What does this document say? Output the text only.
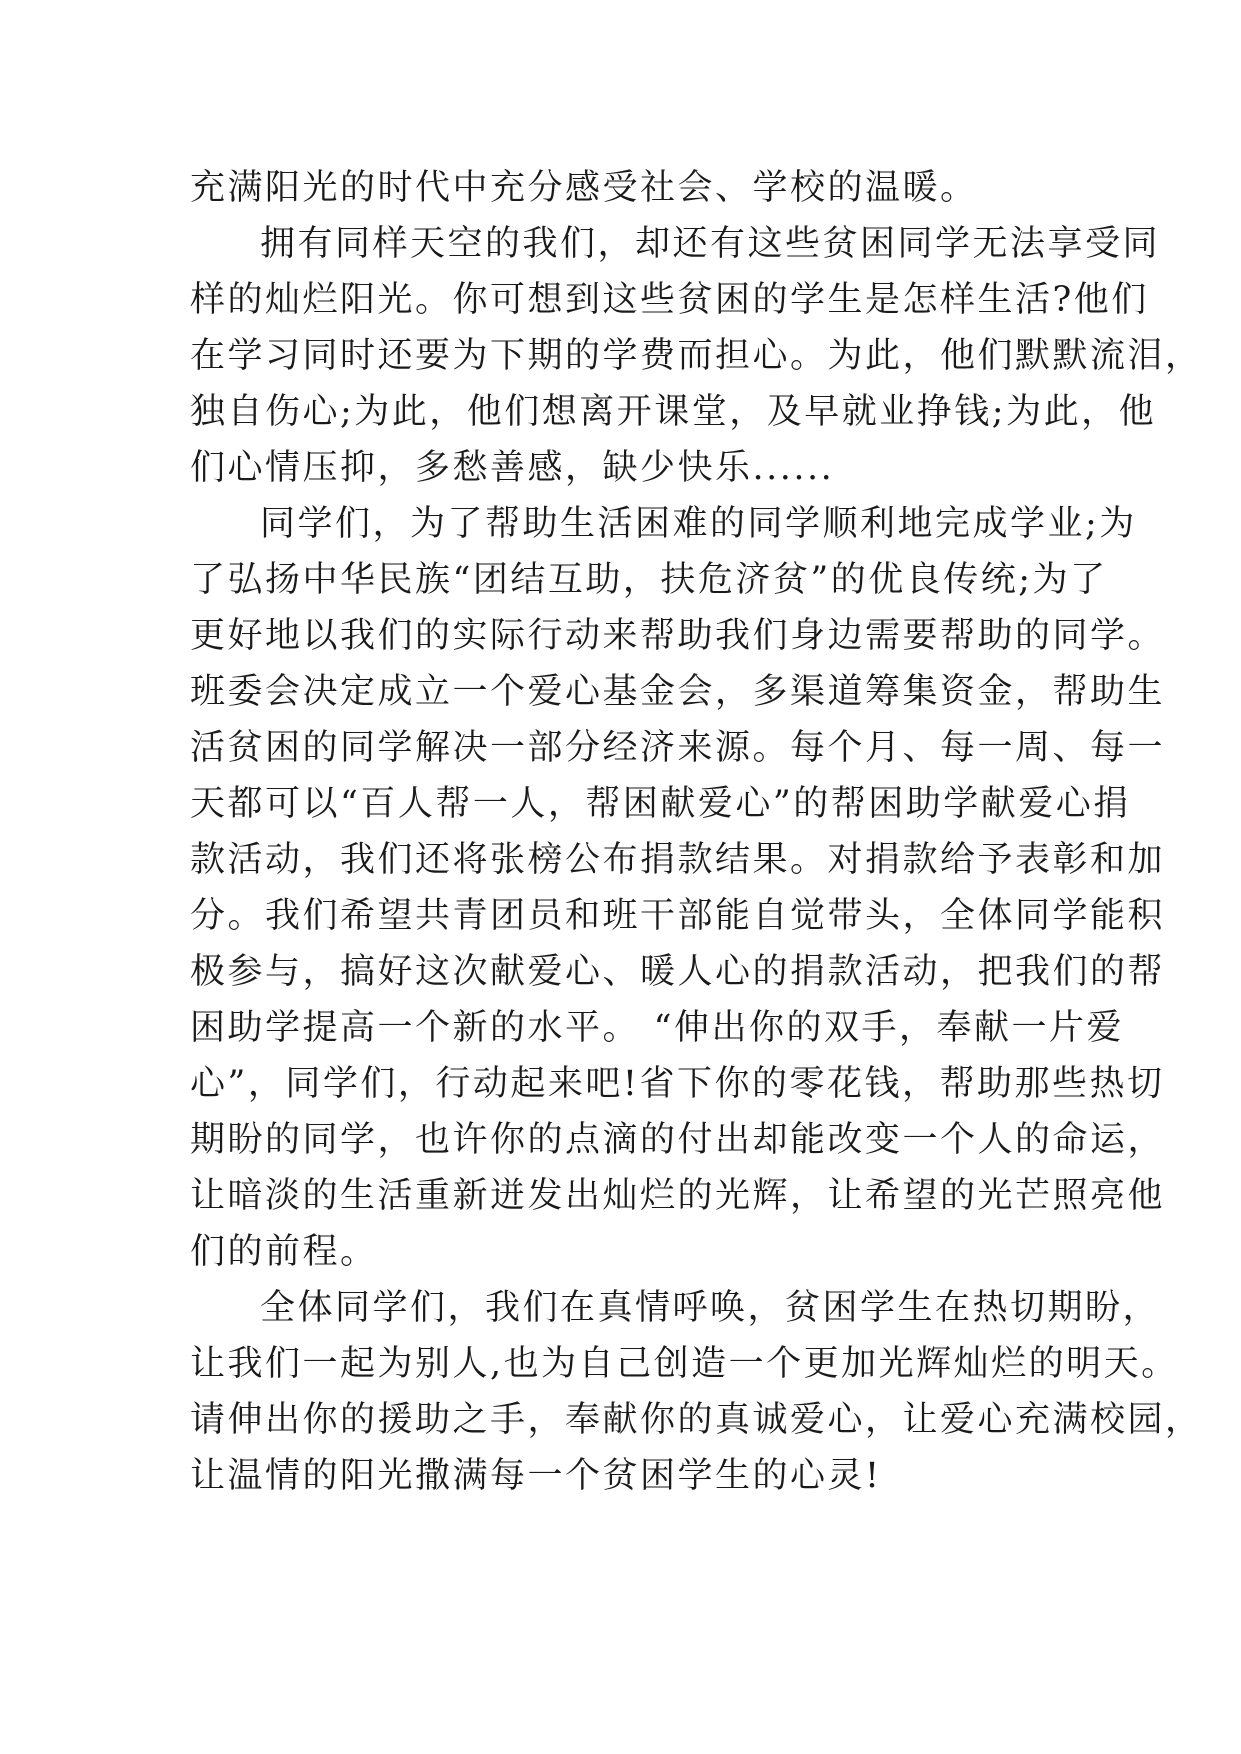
充满阳光的时代中充分感受社会、学校的温暖。
拥有同样天空的我们，却还有这些贫困同学无法享受同
样的灿烂阳光。你可想到这些贫困的学生是怎样生活?他们
在学习同时还要为下期的学费而担心。为此，他们默默流泪，
独自伤心;为此，他们想离开课堂，及早就业挣钱;为此，他
们心情压抑，多愁善感，缺少快乐......
同学们，为了帮助生活困难的同学顺利地完成学业;为
了弘扬中华民族“团结互助，扶危济贫”的优良传统;为了
更好地以我们的实际行动来帮助我们身边需要帮助的同学。
班委会决定成立一个爱心基金会，多渠道筹集资金，帮助生
活贫困的同学解决一部分经济来源。每个月、每一周、每一
天都可以“百人帮一人，帮困献爱心”的帮困助学献爱心捐
款活动，我们还将张榜公布捐款结果。对捐款给予表彰和加
分。我们希望共青团员和班干部能自觉带头，全体同学能积
极参与，搞好这次献爱心、暖人心的捐款活动，把我们的帮
困助学提高一个新的水平。 “伸出你的双手，奉献一片爱
心”，同学们，行动起来吧!省下你的零花钱，帮助那些热切
期盼的同学，也许你的点滴的付出却能改变一个人的命运，
让暗淡的生活重新迸发出灿烂的光辉，让希望的光芒照亮他
们的前程。
全体同学们，我们在真情呼唤，贫困学生在热切期盼，
让我们一起为别人,也为自己创造一个更加光辉灿烂的明天。
请伸出你的援助之手，奉献你的真诚爱心，让爱心充满校园，
让温情的阳光撒满每一个贫困学生的心灵!
